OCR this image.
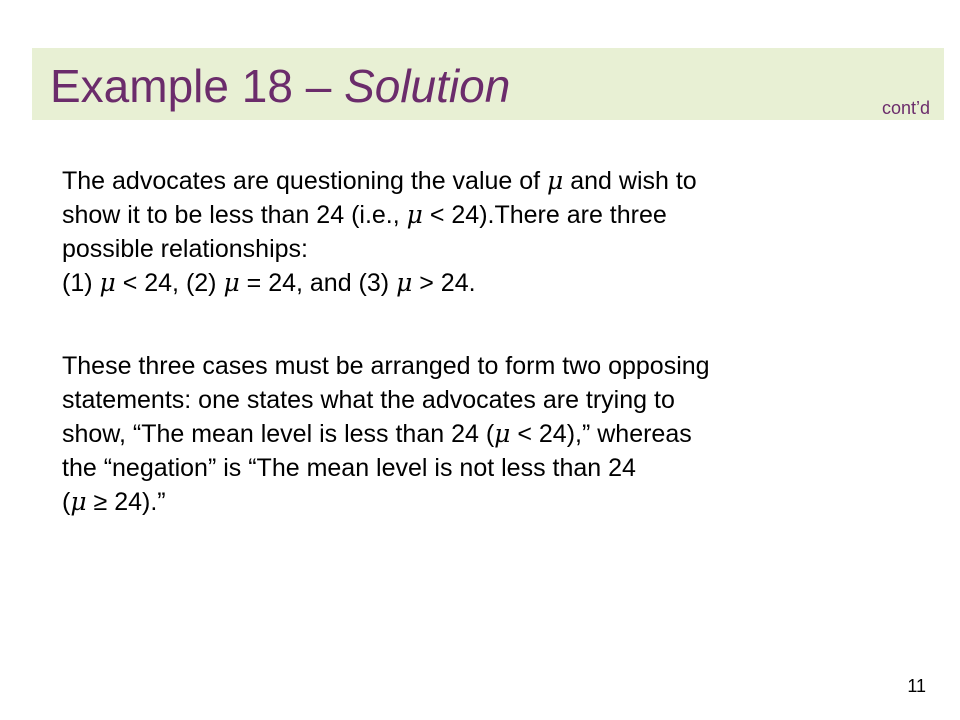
Example 18 – Solution	cont’d

The advocates are questioning the value of μ and wish to
show it to be less than 24 (i.e., μ < 24).There are three
possible relationships:
(1) μ < 24, (2) μ = 24, and (3) μ > 24.

These three cases must be arranged to form two opposing
statements: one states what the advocates are trying to
show, “The mean level is less than 24 (μ < 24),” whereas
the “negation” is “The mean level is not less than 24
(μ ≥ 24).”

11
